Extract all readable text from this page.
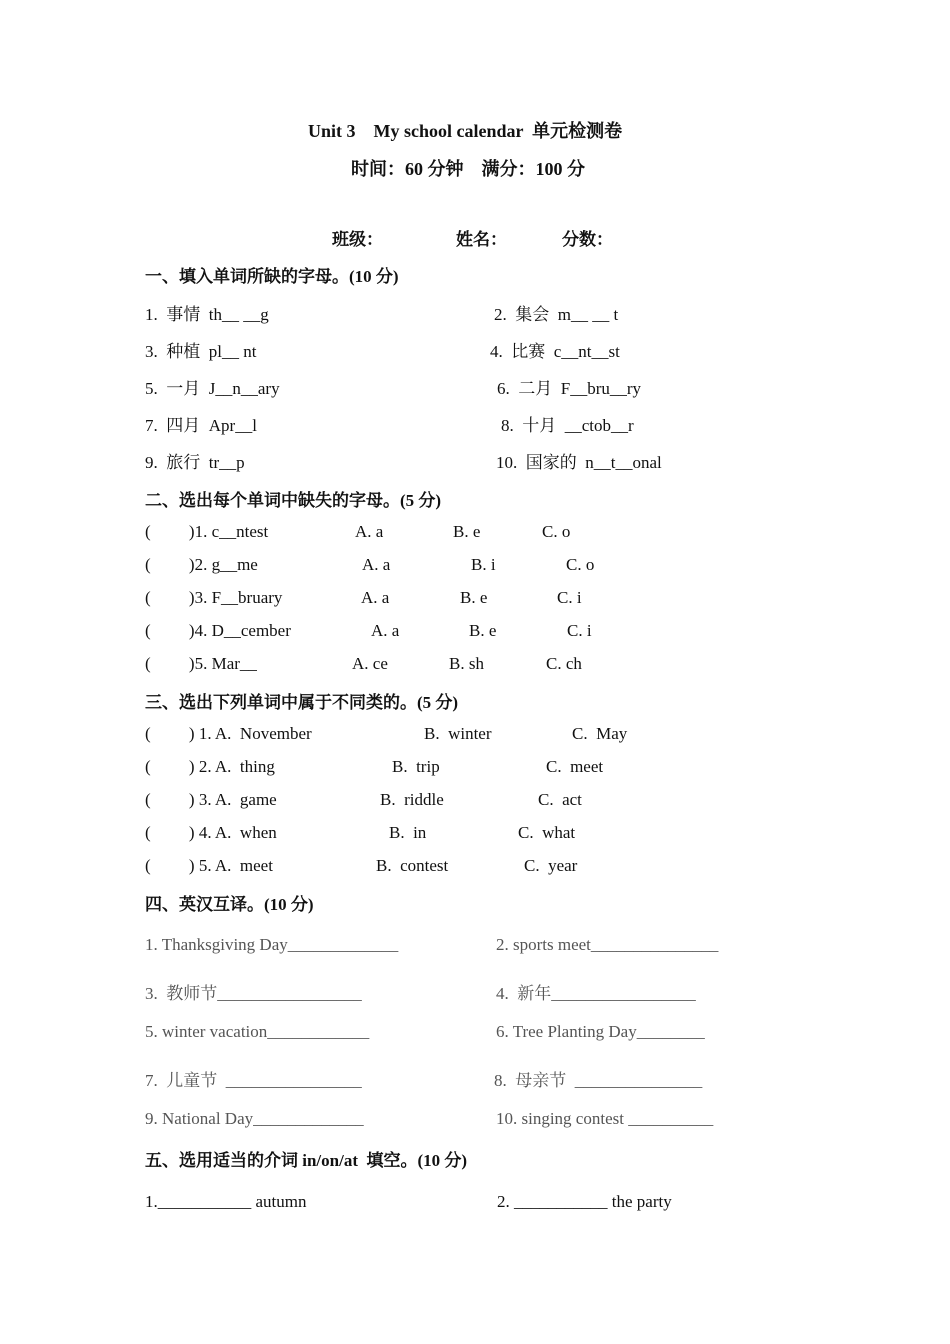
Unit 3    My school calendar  单元检测卷
时间：60 分钟    满分：100 分
班级：	姓名：	分数：
一、填入单词所缺的字母。(10 分)
1.  事情  th__ __g	2.  集会  m__ __ t
3.  种植  pl__ nt	4.  比赛  c__nt__st
5.  一月  J__n__ary	6.  二月  F__bru__ry
7.  四月  Apr__l	8.  十月  __ctob__r
9.  旅行  tr__p	10.  国家的  n__t__onal
二、选出每个单词中缺失的字母。(5 分)
(         )1. c__ntest	A. a	B. e	C. o
(         )2. g__me	A. a	B. i	C. o
(         )3. F__bruary	A. a	B. e	C. i
(         )4. D__cember	A. a	B. e	C. i
(         )5. Mar__	A. ce	B. sh	C. ch
三、选出下列单词中属于不同类的。(5 分)
(         ) 1. A.  November	B.  winter	C.  May
(         ) 2. A.  thing	B.  trip	C.  meet
(         ) 3. A.  game	B.  riddle	C.  act
(         ) 4. A.  when	B.  in	C.  what
(         ) 5. A.  meet	B.  contest	C.  year
四、英汉互译。(10 分)
1. Thanksgiving Day_____________	2. sports meet_______________
3.  教师节_________________	4.  新年_________________
5. winter vacation____________	6. Tree Planting Day________
7.  儿童节  ________________	8.  母亲节  _______________
9. National Day_____________	10. singing contest __________
五、选用适当的介词 in/on/at  填空。(10 分)
1.___________ autumn	2. ___________ the party
